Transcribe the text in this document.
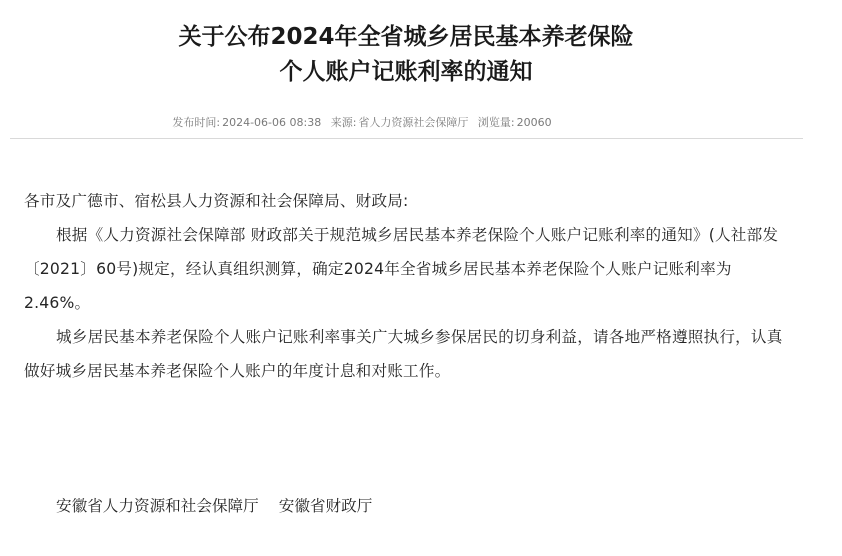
关于公布2024年全省城乡居民基本养老保险
个人账户记账利率的通知
发布时间: 2024-06-06 08:38 来源: 省人力资源社会保障厅 浏览量: 20060

各市及广德市、宿松县人力资源和社会保障局、财政局:

根据《人力资源社会保障部 财政部关于规范城乡居民基本养老保险个人账户记账利率的通知》(人社部发〔2021〕60号)规定，经认真组织测算，确定2024年全省城乡居民基本养老保险个人账户记账利率为2.46%。

城乡居民基本养老保险个人账户记账利率事关广大城乡参保居民的切身利益，请各地严格遵照执行，认真做好城乡居民基本养老保险个人账户的年度计息和对账工作。

安徽省人力资源和社会保障厅 安徽省财政厅
